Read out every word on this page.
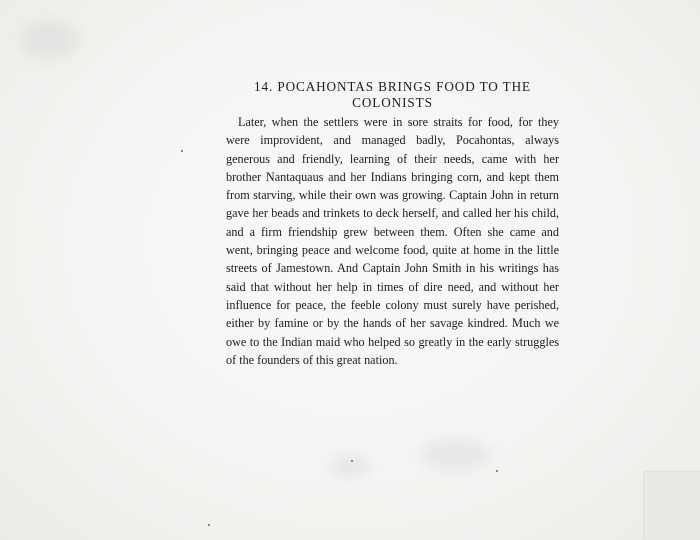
14. POCAHONTAS BRINGS FOOD TO THE COLONISTS

Later, when the settlers were in sore straits for food, for they were improvident, and managed badly, Pocahontas, always generous and friendly, learning of their needs, came with her brother Nantaquaus and her Indians bringing corn, and kept them from starving, while their own was growing. Captain John in return gave her beads and trinkets to deck herself, and called her his child, and a firm friendship grew between them. Often she came and went, bringing peace and welcome food, quite at home in the little streets of Jamestown. And Captain John Smith in his writings has said that without her help in times of dire need, and without her influence for peace, the feeble colony must surely have perished, either by famine or by the hands of her savage kindred. Much we owe to the Indian maid who helped so greatly in the early struggles of the founders of this great nation.
